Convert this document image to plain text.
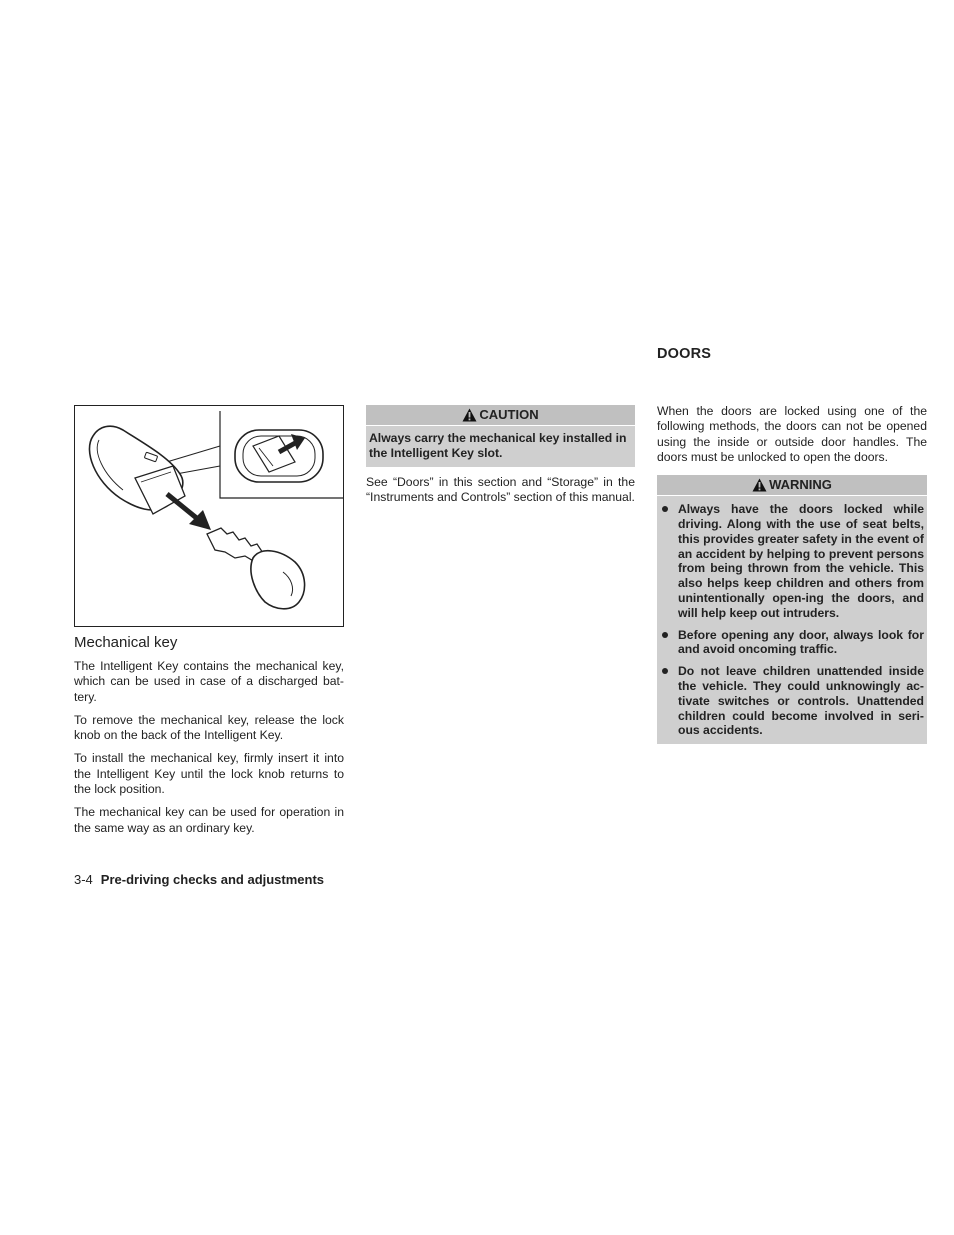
Mechanical key

The Intelligent Key contains the mechanical key, which can be used in case of a discharged bat-tery.

To remove the mechanical key, release the lock knob on the back of the Intelligent Key.

To install the mechanical key, firmly insert it into the Intelligent Key until the lock knob returns to the lock position.

The mechanical key can be used for operation in the same way as an ordinary key.

CAUTION
Always carry the mechanical key installed in the Intelligent Key slot.

See “Doors” in this section and “Storage” in the “Instruments and Controls” section of this manual.

DOORS

When the doors are locked using one of the following methods, the doors can not be opened using the inside or outside door handles. The doors must be unlocked to open the doors.

WARNING
Always have the doors locked while driving. Along with the use of seat belts, this provides greater safety in the event of an accident by helping to prevent persons from being thrown from the vehicle. This also helps keep children and others from unintentionally open-ing the doors, and will help keep out intruders.
Before opening any door, always look for and avoid oncoming traffic.
Do not leave children unattended inside the vehicle. They could unknowingly ac-tivate switches or controls. Unattended children could become involved in seri-ous accidents.
3-4 Pre-driving checks and adjustments
